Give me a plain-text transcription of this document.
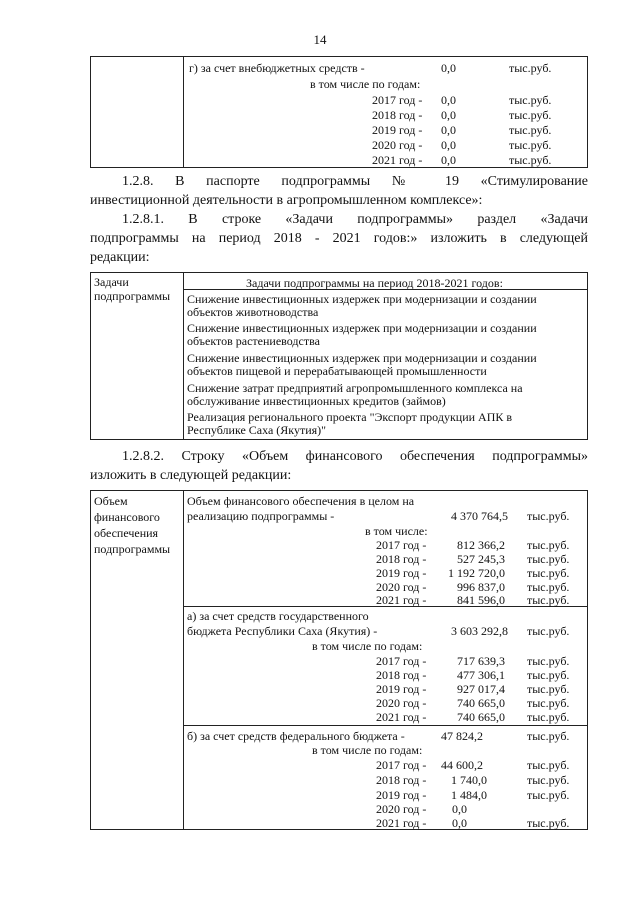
14
г) за счет внебюджетных средств -	0,0	тыс.руб.
в том числе по годам:
2017 год - 0,0	тыс.руб.
2018 год - 0,0	тыс.руб.
2019 год - 0,0	тыс.руб.
2020 год - 0,0	тыс.руб.
2021 год - 0,0	тыс.руб.
1.2.8. В паспорте подпрограммы № 19 «Стимулирование
инвестиционной деятельности в агропромышленном комплексе»:
1.2.8.1. В строке «Задачи подпрограммы» раздел «Задачи
подпрограммы на период 2018 - 2021 годов:» изложить в следующей
редакции:
Задачи
подпрограммы
Задачи подпрограммы на период 2018-2021 годов:
Снижение инвестиционных издержек при модернизации и создании
объектов животноводства
Снижение инвестиционных издержек при модернизации и создании
объектов растениеводства
Снижение инвестиционных издержек при модернизации и создании
объектов пищевой и перерабатывающей промышленности
Снижение затрат предприятий агропромышленного комплекса на
обслуживание инвестиционных кредитов (займов)
Реализация регионального проекта "Экспорт продукции АПК в
Республике Саха (Якутия)"
1.2.8.2. Строку «Объем финансового обеспечения подпрограммы»
изложить в следующей редакции:
Объем
финансового
обеспечения
подпрограммы
Объем финансового обеспечения в целом на
реализацию подпрограммы -	4 370 764,5 тыс.руб.
в том числе:
2017 год -	812 366,2 тыс.руб.
2018 год -	527 245,3 тыс.руб.
2019 год -	1 192 720,0 тыс.руб.
2020 год -	996 837,0 тыс.руб.
2021 год -	841 596,0 тыс.руб.
а) за счет средств государственного
бюджета Республики Саха (Якутия) -	3 603 292,8 тыс.руб.
в том числе по годам:
2017 год -	717 639,3 тыс.руб.
2018 год -	477 306,1 тыс.руб.
2019 год -	927 017,4 тыс.руб.
2020 год -	740 665,0 тыс.руб.
2021 год -	740 665,0 тыс.руб.
б) за счет средств федерального бюджета -	47 824,2	тыс.руб.
в том числе по годам:
2017 год - 44 600,2	тыс.руб.
2018 год - 1 740,0	тыс.руб.
2019 год - 1 484,0	тыс.руб.
2020 год - 0,0
2021 год - 0,0	тыс.руб.
